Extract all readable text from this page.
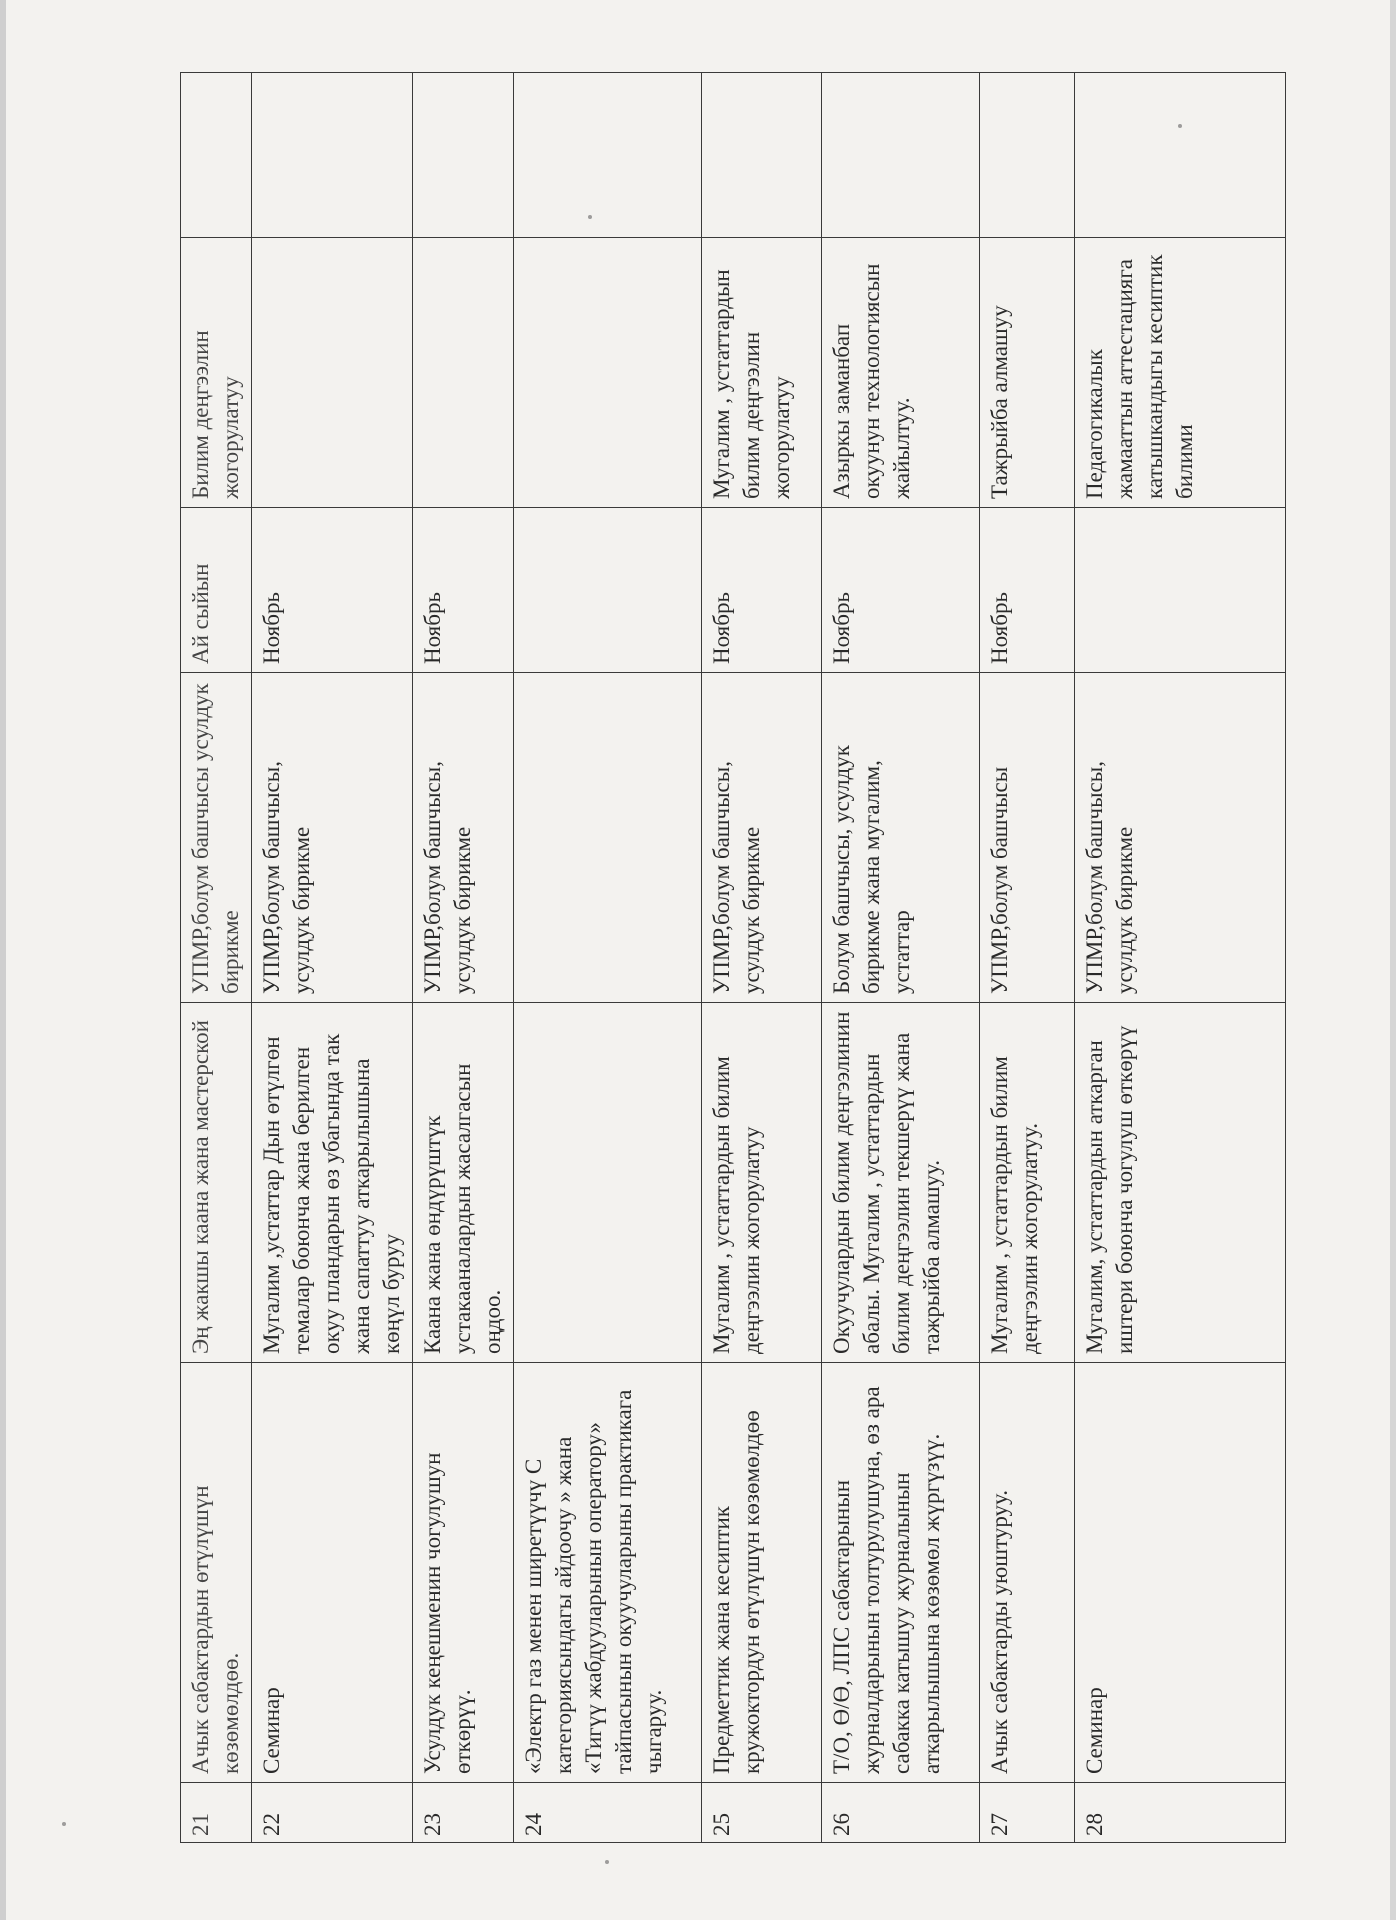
21	Ачык сабактардын өтүлүшүн көзөмөлдөө.	Эң жакшы каана жана мастерской	УПМР,болум башчысы усулдук бирикме	Ай сыйын	Билим деңгээлин жогорулатуу	
22	Семинар	Мугалим ,устаттар Дын өтүлгөн темалар боюнча жана берилген окуу пландарын өз убагында так жана сапаттуу аткарылышына көңүл буруу	УПМР,болум башчысы, усулдук бирикме	Ноябрь		
23	Усулдук кеңешменин чогулушун өткөрүү.	Каана жана өндүрүштүк устакааналардын жасалгасын оңдоо.	УПМР,болум башчысы, усулдук бирикме	Ноябрь		
24	«Электр газ менен ширетүүчү С категориясындагы айдоочу » жана «Тигүү жабдууларынын оператору» тайпасынын окуучуларыны практикага чыгаруу.					
25	Предметтик жана кесиптик кружоктордун өтүлүшүн көзөмөлдөө	Мугалим , устаттардын билим деңгээлин жогорулатуу	УПМР,болум башчысы, усулдук бирикме	Ноябрь	Мугалим , устаттардын билим деңгээлин жогорулатуу	
26	Т/О, Ө/Ө, ЛПС сабактарынын журналдарынын толтурулушуна, өз ара сабакка катышуу журналынын аткарылышына көзөмөл жүргүзүү.	Окуучулардын билим деңгээлинин абалы. Мугалим , устаттардын билим деңгээлин текшерүү жана тажрыйба алмашуу.	Болум башчысы, усулдук бирикме жана мугалим, устаттар	Ноябрь	Азыркы заманбап окуунун технологиясын жайылтуу.	
27	Ачык сабактарды уюштуруу.	Мугалим , устаттардын билим деңгээлин жогорулатуу.	УПМР,болум башчысы	Ноябрь	Тажрыйба алмашуу	
28	Семинар	Мугалим, устаттардын аткарган иштери боюнча чогулуш өткөрүү	УПМР,болум башчысы, усулдук бирикме		Педагогикалык жамааттын аттестацияга катышкандыгы кесиптик билими	
